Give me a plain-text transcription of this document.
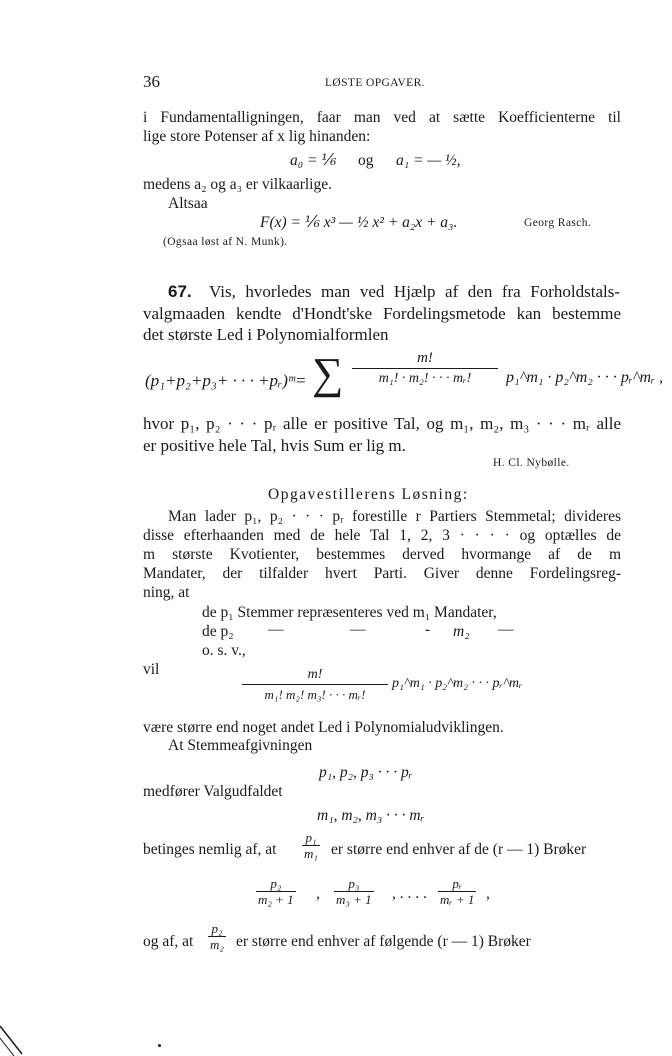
36	LØSTE OPGAVER.
i Fundamentalligningen, faar man ved at sætte Koefficienterne til
lige store Potenser af x lig hinanden:
a₀ = ⅙ og a₁ = — ½,
medens a₂ og a₃ er vilkaarlige.
Altsaa
F(x) = ⅙ x³ — ½ x² + a₂x + a₃.	Georg Rasch.
(Ogsaa løst af N. Munk).
67. Vis, hvorledes man ved Hjælp af den fra Forholdstals-
valgmaaden kendte d'Hondt'ske Fordelingsmetode kan bestemme
det største Led i Polynomialformlen
(p₁+p₂+p₃+ · · · +pᵣ)ᵐ= ∑ $\frac{m!}{\text{m₁! · m₂! · · · mᵣ!}}$ p₁^m₁ · p₂^m₂ · · · pᵣ^mᵣ ,
hvor p₁, p₂ · · · pᵣ alle er positive Tal, og m₁, m₂, m₃ · · · mᵣ alle
er positive hele Tal, hvis Sum er lig m.
H. Cl. Nybølle.
Opgavestillerens Løsning:
Man lader p₁, p₂ · · · pᵣ forestille r Partiers Stemmetal; divideres
disse efterhaanden med de hele Tal 1, 2, 3 · · · · og optælles de
m største Kvotienter, bestemmes derved hvormange af de m
Mandater, der tilfalder hvert Parti. Giver denne Fordelingsreg-
ning, at
de p₁ Stemmer repræsenteres ved m₁ Mandater,
de p₂ —	—	- m₂ —
o. s. v.,
vil	$\frac{m!}{\text{m₁! m₂! m₃! · · · mᵣ!}}$ p₁^m₁ · p₂^m₂ · · · pᵣ^mᵣ
være større end noget andet Led i Polynomialudviklingen.
At Stemmeafgivningen
p₁, p₂, p₃ · · · pᵣ
medfører Valgudfaldet
m₁, m₂, m₃ · · · mᵣ
betinges nemlig af, at $\frac{\text{p₁}}{\text{m₁}}$ er større end enhver af de (r — 1) Brøker
$\frac{\text{p₂}}{\text{m₂ + 1}}$ , $\frac{\text{p₃}}{\text{m₃ + 1}}$ , . . . . $\frac{\text{pᵣ}}{\text{mᵣ + 1}}$ ,
og af, at $\frac{\text{p₂}}{\text{m₂}}$ er større end enhver af følgende (r — 1) Brøker
